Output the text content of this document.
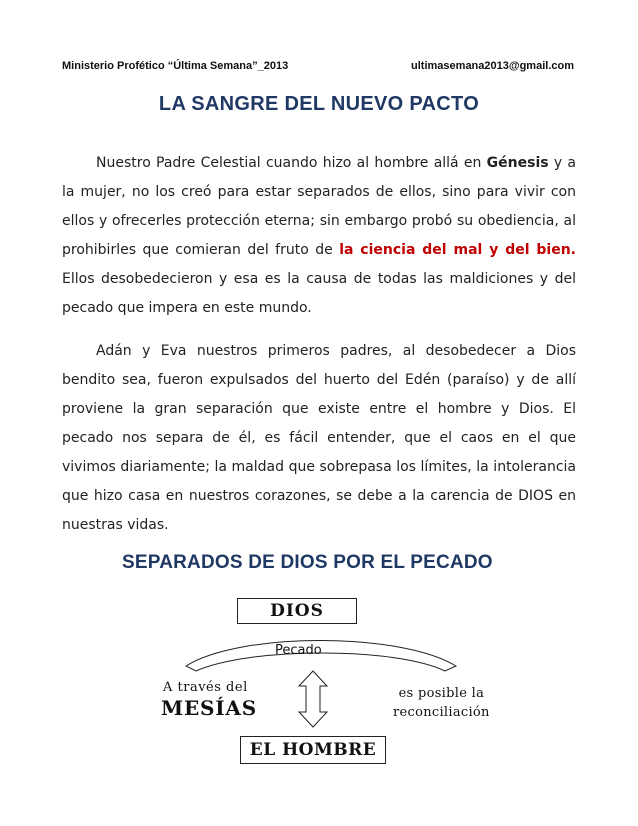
Ministerio Profético “Última Semana”_2013	ultimasemana2013@gmail.com
LA SANGRE DEL NUEVO PACTO
Nuestro Padre Celestial cuando hizo al hombre allá en Génesis y a la mujer, no los creó para estar separados de ellos, sino para vivir con ellos y ofrecerles protección eterna; sin embargo probó su obediencia, al prohibirles que comieran del fruto de la ciencia del mal y del bien. Ellos desobedecieron y esa es la causa de todas las maldiciones y del pecado que impera en este mundo.
Adán y Eva nuestros primeros padres, al desobedecer a Dios bendito sea, fueron expulsados del huerto del Edén (paraíso) y de allí proviene la gran separación que existe entre el hombre y Dios. El pecado nos separa de él, es fácil entender, que el caos en el que vivimos diariamente; la maldad que sobrepasa los límites, la intolerancia que hizo casa en nuestros corazones, se debe a la carencia de DIOS en nuestras vidas.
SEPARADOS DE DIOS POR EL PECADO
DIOS
Pecado
A través del
MESÍAS
es posible la
reconciliación
EL HOMBRE
